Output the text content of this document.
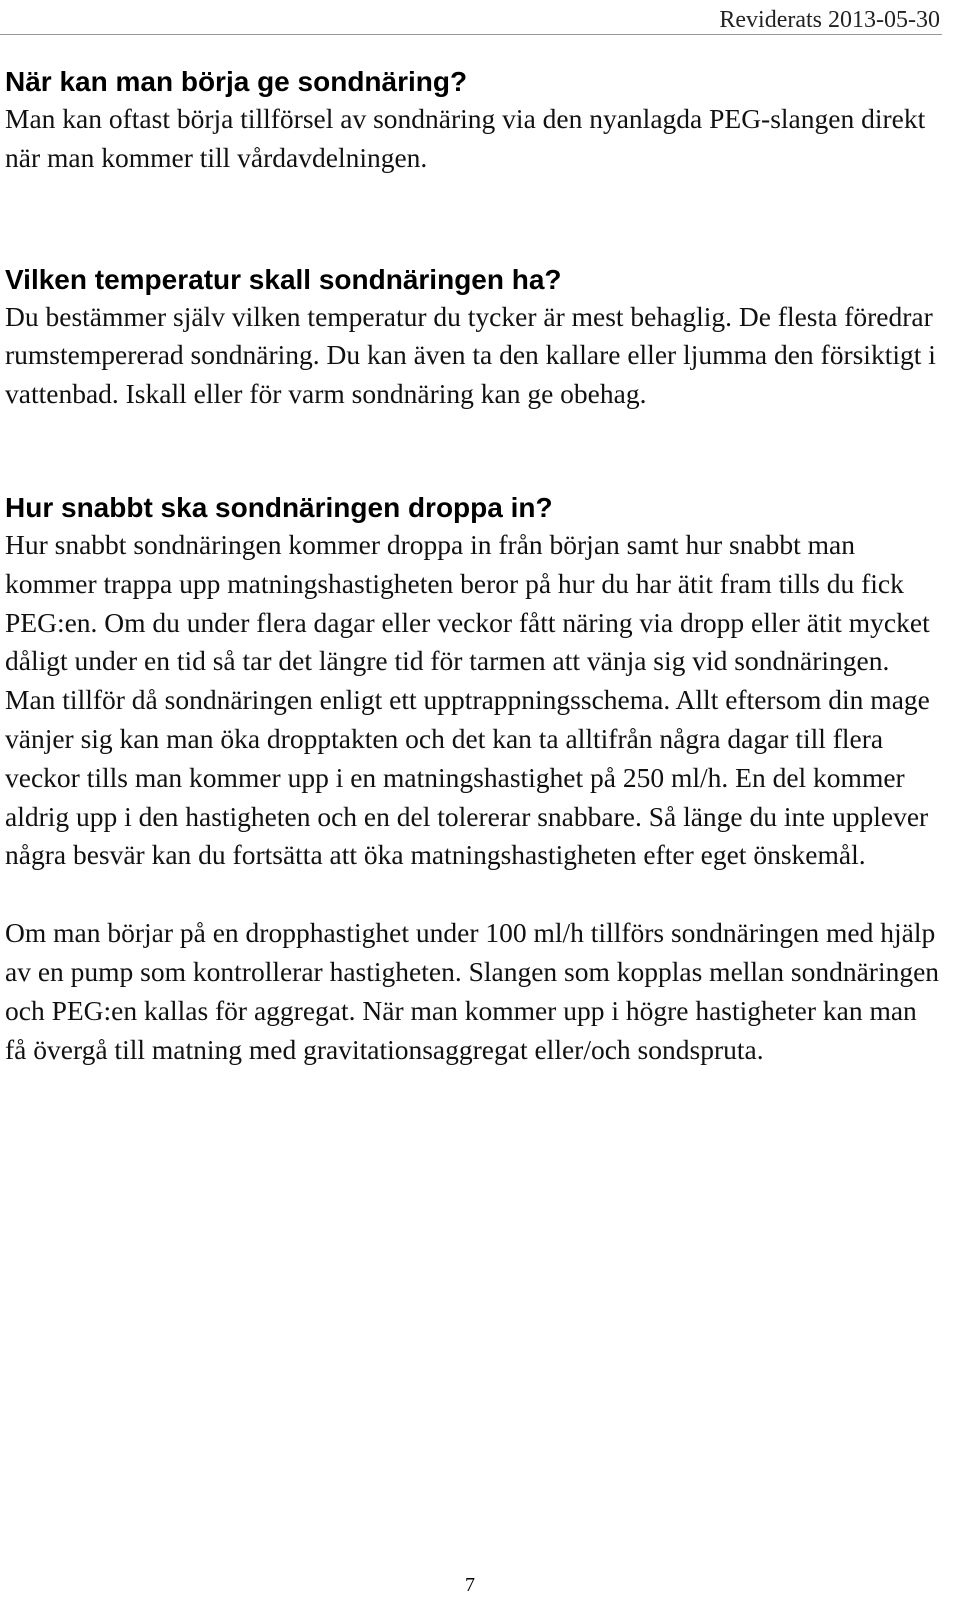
Reviderats 2013-05-30
När kan man börja ge sondnäring?

Man kan oftast börja tillförsel av sondnäring via den nyanlagda PEG-slangen direkt när man kommer till vårdavdelningen.

Vilken temperatur skall sondnäringen ha?

Du bestämmer själv vilken temperatur du tycker är mest behaglig. De flesta föredrar rumstempererad sondnäring. Du kan även ta den kallare eller ljumma den försiktigt i vattenbad. Iskall eller för varm sondnäring kan ge obehag.

Hur snabbt ska sondnäringen droppa in?

Hur snabbt sondnäringen kommer droppa in från början samt hur snabbt man kommer trappa upp matningshastigheten beror på hur du har ätit fram tills du fick PEG:en. Om du under flera dagar eller veckor fått näring via dropp eller ätit mycket dåligt under en tid så tar det längre tid för tarmen att vänja sig vid sondnäringen. Man tillför då sondnäringen enligt ett upptrappningsschema. Allt eftersom din mage vänjer sig kan man öka dropptakten och det kan ta alltifrån några dagar till flera veckor tills man kommer upp i en matningshastighet på 250 ml/h. En del kommer aldrig upp i den hastigheten och en del tolererar snabbare. Så länge du inte upplever några besvär kan du fortsätta att öka matningshastigheten efter eget önskemål.

Om man börjar på en dropphastighet under 100 ml/h tillförs sondnäringen med hjälp av en pump som kontrollerar hastigheten. Slangen som kopplas mellan sondnäringen och PEG:en kallas för aggregat. När man kommer upp i högre hastigheter kan man få övergå till matning med gravitationsaggregat eller/och sondspruta.

7
